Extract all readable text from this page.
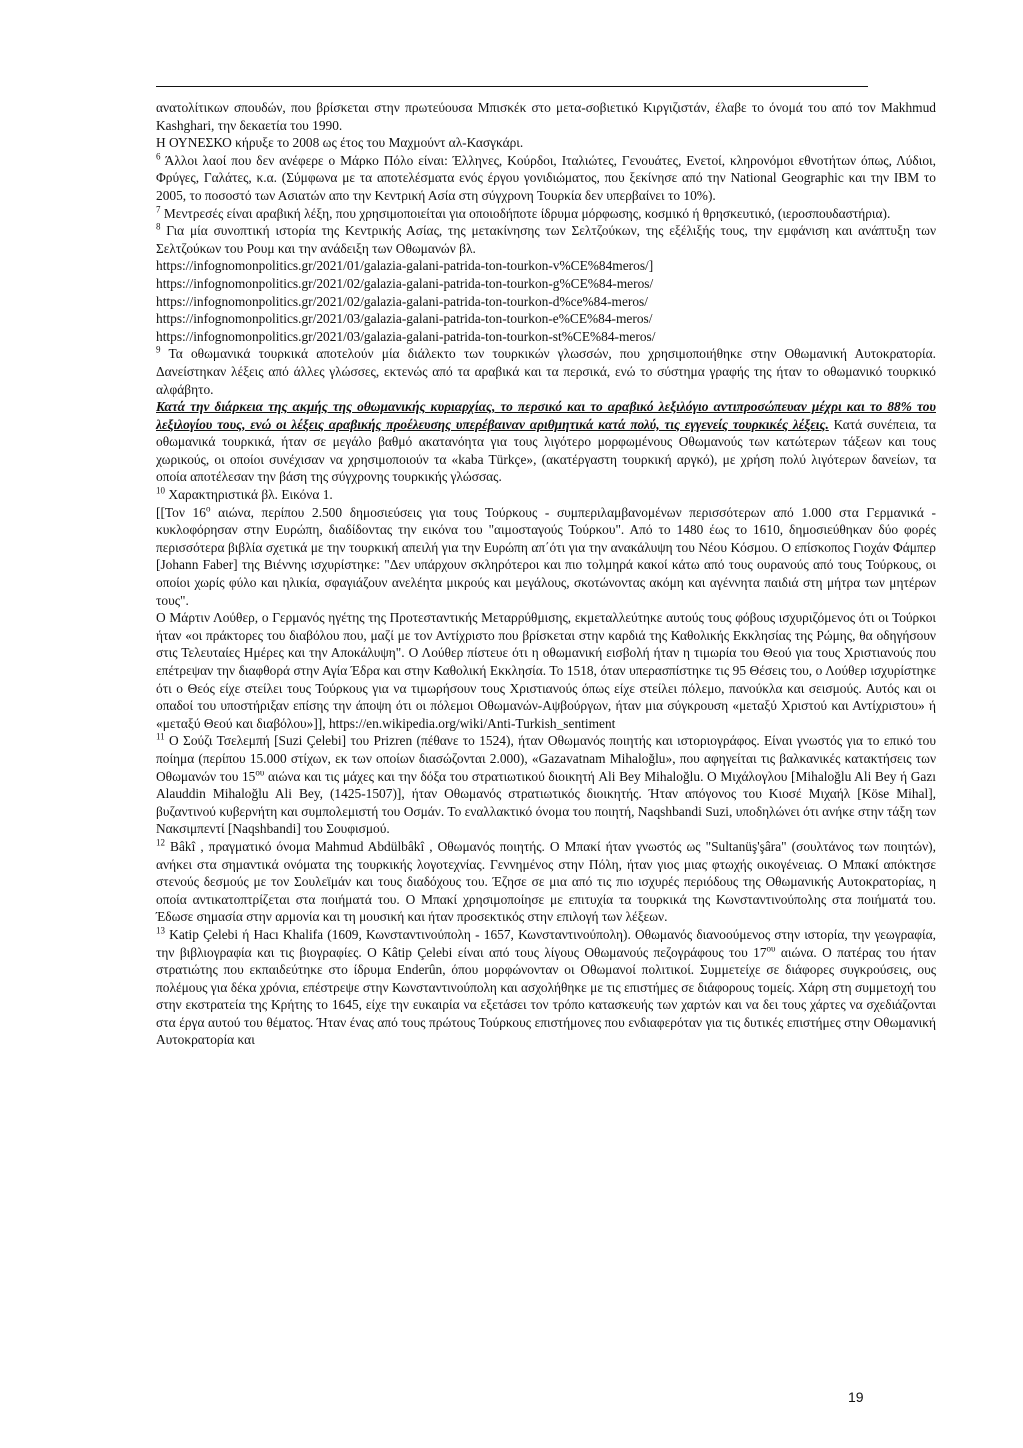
ανατολίτικων σπουδών, που βρίσκεται στην πρωτεύουσα Μπισκέκ στο μετα-σοβιετικό Κιργιζιστάν, έλαβε το όνομά του από τον Makhmud Kashghari, την δεκαετία του 1990.

Η ΟΥΝΕΣΚΟ κήρυξε το 2008 ως έτος του Μαχμούντ αλ-Κασγκάρι.

$^6$ Άλλοι λαοί που δεν ανέφερε ο Μάρκο Πόλο είναι: Έλληνες, Κούρδοι, Ιταλιώτες, Γενουάτες, Ενετοί, κληρονόμοι εθνοτήτων όπως, Λύδιοι, Φρύγες, Γαλάτες, κ.α. (Σύμφωνα με τα αποτελέσματα ενός έργου γονιδιώματος, που ξεκίνησε από την National Geographic και την IBM το 2005, το ποσοστό των Ασιατών απο την Κεντρική Ασία στη σύγχρονη Τουρκία δεν υπερβαίνει το 10%).

$^7$ Μεντρεσές είναι αραβική λέξη, που χρησιμοποιείται για οποιοδήποτε ίδρυμα μόρφωσης, κοσμικό ή θρησκευτικό, (ιεροσπουδαστήρια).

$^8$ Για μία συνοπτική ιστορία της Κεντρικής Ασίας, της μετακίνησης των Σελτζούκων, της εξέλιξής τους, την εμφάνιση και ανάπτυξη των Σελτζούκων του Ρουμ και την ανάδειξη των Οθωμανών βλ.

https://infognomonpolitics.gr/2021/01/galazia-galani-patrida-ton-tourkon-v%CE%84meros/]

https://infognomonpolitics.gr/2021/02/galazia-galani-patrida-ton-tourkon-g%CE%84-meros/

https://infognomonpolitics.gr/2021/02/galazia-galani-patrida-ton-tourkon-d%ce%84-meros/

https://infognomonpolitics.gr/2021/03/galazia-galani-patrida-ton-tourkon-e%CE%84-meros/

https://infognomonpolitics.gr/2021/03/galazia-galani-patrida-ton-tourkon-st%CE%84-meros/

$^9$ Τα οθωμανικά τουρκικά αποτελούν μία διάλεκτο των τουρκικών γλωσσών, που χρησιμοποιήθηκε στην Οθωμανική Αυτοκρατορία. Δανείστηκαν λέξεις από άλλες γλώσσες, εκτενώς από τα αραβικά και τα περσικά, ενώ το σύστημα γραφής της ήταν το οθωμανικό τουρκικό αλφάβητο.

Κατά την διάρκεια της ακμής της οθωμανικής κυριαρχίας, το περσικό και το αραβικό λεξιλόγιο αντιπροσώπευαν μέχρι και το 88% του λεξιλογίου τους, ενώ οι λέξεις αραβικής προέλευσης υπερέβαιναν αριθμητικά κατά πολύ, τις εγγενείς τουρκικές λέξεις. Κατά συνέπεια, τα οθωμανικά τουρκικά, ήταν σε μεγάλο βαθμό ακατανόητα για τους λιγότερο μορφωμένους Οθωμανούς των κατώτερων τάξεων και τους χωρικούς, οι οποίοι συνέχισαν να χρησιμοποιούν τα «kaba Türkçe», (ακατέργαστη τουρκική αργκό), με χρήση πολύ λιγότερων δανείων, τα οποία αποτέλεσαν την βάση της σύγχρονης τουρκικής γλώσσας.

$^{10}$ Χαρακτηριστικά βλ. Εικόνα 1.

[[Τον $16^o$ αιώνα, περίπου 2.500 δημοσιεύσεις για τους Τούρκους - συμπεριλαμβανομένων περισσότερων από 1.000 στα Γερμανικά - κυκλοφόρησαν στην Ευρώπη, διαδίδοντας την εικόνα του "αιμοσταγούς Τούρκου". Από το 1480 έως το 1610, δημοσιεύθηκαν δύο φορές περισσότερα βιβλία σχετικά με την τουρκική απειλή για την Ευρώπη απ΄ότι για την ανακάλυψη του Νέου Κόσμου. Ο επίσκοπος Γιοχάν Φάμπερ [Johann Faber] της Βιέννης ισχυρίστηκε: "Δεν υπάρχουν σκληρότεροι και πιο τολμηρά κακοί κάτω από τους ουρανούς από τους Τούρκους, οι οποίοι χωρίς φύλο και ηλικία, σφαγιάζουν ανελέητα μικρούς και μεγάλους, σκοτώνοντας ακόμη και αγέννητα παιδιά στη μήτρα των μητέρων τους".

Ο Μάρτιν Λούθερ, ο Γερμανός ηγέτης της Προτεσταντικής Μεταρρύθμισης, εκμεταλλεύτηκε αυτούς τους φόβους ισχυριζόμενος ότι οι Τούρκοι ήταν «οι πράκτορες του διαβόλου που, μαζί με τον Αντίχριστο που βρίσκεται στην καρδιά της Καθολικής Εκκλησίας της Ρώμης, θα οδηγήσουν στις Τελευταίες Ημέρες και την Αποκάλυψη". Ο Λούθερ πίστευε ότι η οθωμανική εισβολή ήταν η τιμωρία του Θεού για τους Χριστιανούς που επέτρεψαν την διαφθορά στην Αγία Έδρα και στην Καθολική Εκκλησία. Το 1518, όταν υπερασπίστηκε τις 95 Θέσεις του, ο Λούθερ ισχυρίστηκε ότι ο Θεός είχε στείλει τους Τούρκους για να τιμωρήσουν τους Χριστιανούς όπως είχε στείλει πόλεμο, πανούκλα και σεισμούς. Αυτός και οι οπαδοί του υποστήριξαν επίσης την άποψη ότι οι πόλεμοι Οθωμανών-Αψβούργων, ήταν μια σύγκρουση «μεταξύ Χριστού και Αντίχριστου» ή «μεταξύ Θεού και διαβόλου»]], https://en.wikipedia.org/wiki/Anti-Turkish_sentiment

$^{11}$ Ο Σούζι Τσελεμπή [Suzi Çelebi] του Prizren (πέθανε το 1524), ήταν Οθωμανός ποιητής και ιστοριογράφος. Είναι γνωστός για το επικό του ποίημα (περίπου 15.000 στίχων, εκ των οποίων διασώζονται 2.000), «Gazavatnam Mihaloğlu», που αφηγείται τις βαλκανικές κατακτήσεις των Οθωμανών του $15^{o\upsilon}$ αιώνα και τις μάχες και την δόξα του στρατιωτικού διοικητή Ali Bey Mihaloğlu. Ο Μιχάλογλου [Mihaloğlu Ali Bey ή Gazı Alauddin Mihaloğlu Ali Bey, (1425-1507)], ήταν Οθωμανός στρατιωτικός διοικητής. Ήταν απόγονος του Κιοσέ Μιχαήλ [Köse Mihal], βυζαντινού κυβερνήτη και συμπολεμιστή του Οσμάν. Το εναλλακτικό όνομα του ποιητή, Naqshbandi Suzi, υποδηλώνει ότι ανήκε στην τάξη των Νακσιμπεντί [Naqshbandi] του Σουφισμού.

$^{12}$ Bâkî , πραγματικό όνομα Mahmud Abdülbâkî , Οθωμανός ποιητής. Ο Μπακί ήταν γνωστός ως "Sultanüş'şâra" (σουλτάνος των ποιητών), ανήκει στα σημαντικά ονόματα της τουρκικής λογοτεχνίας. Γεννημένος στην Πόλη, ήταν γιος μιας φτωχής οικογένειας. Ο Μπακί απόκτησε στενούς δεσμούς με τον Σουλεϊμάν και τους διαδόχους του. Έζησε σε μια από τις πιο ισχυρές περιόδους της Οθωμανικής Αυτοκρατορίας, η οποία αντικατοπτρίζεται στα ποιήματά του. Ο Μπακί χρησιμοποίησε με επιτυχία τα τουρκικά της Κωνσταντινούπολης στα ποιήματά του. Έδωσε σημασία στην αρμονία και τη μουσική και ήταν προσεκτικός στην επιλογή των λέξεων.

$^{13}$ Katip Çelebi ή Hacı Khalifa (1609, Κωνσταντινούπολη - 1657, Κωνσταντινούπολη). Οθωμανός διανοούμενος στην ιστορία, την γεωγραφία, την βιβλιογραφία και τις βιογραφίες. Ο Kâtip Çelebi είναι από τους λίγους Οθωμανούς πεζογράφους του $17^{o\upsilon}$ αιώνα. Ο πατέρας του ήταν στρατιώτης που εκπαιδεύτηκε στο ίδρυμα Enderûn, όπου μορφώνονταν οι Οθωμανοί πολιτικοί. Συμμετείχε σε διάφορες συγκρούσεις, ους πολέμους για δέκα χρόνια, επέστρεψε στην Κωνσταντινούπολη και ασχολήθηκε με τις επιστήμες σε διάφορους τομείς. Χάρη στη συμμετοχή του στην εκστρατεία της Κρήτης το 1645, είχε την ευκαιρία να εξετάσει τον τρόπο κατασκευής των χαρτών και να δει τους χάρτες να σχεδιάζονται στα έργα αυτού του θέματος. Ήταν ένας από τους πρώτους Τούρκους επιστήμονες που ενδιαφερόταν για τις δυτικές επιστήμες στην Οθωμανική Αυτοκρατορία και

19
